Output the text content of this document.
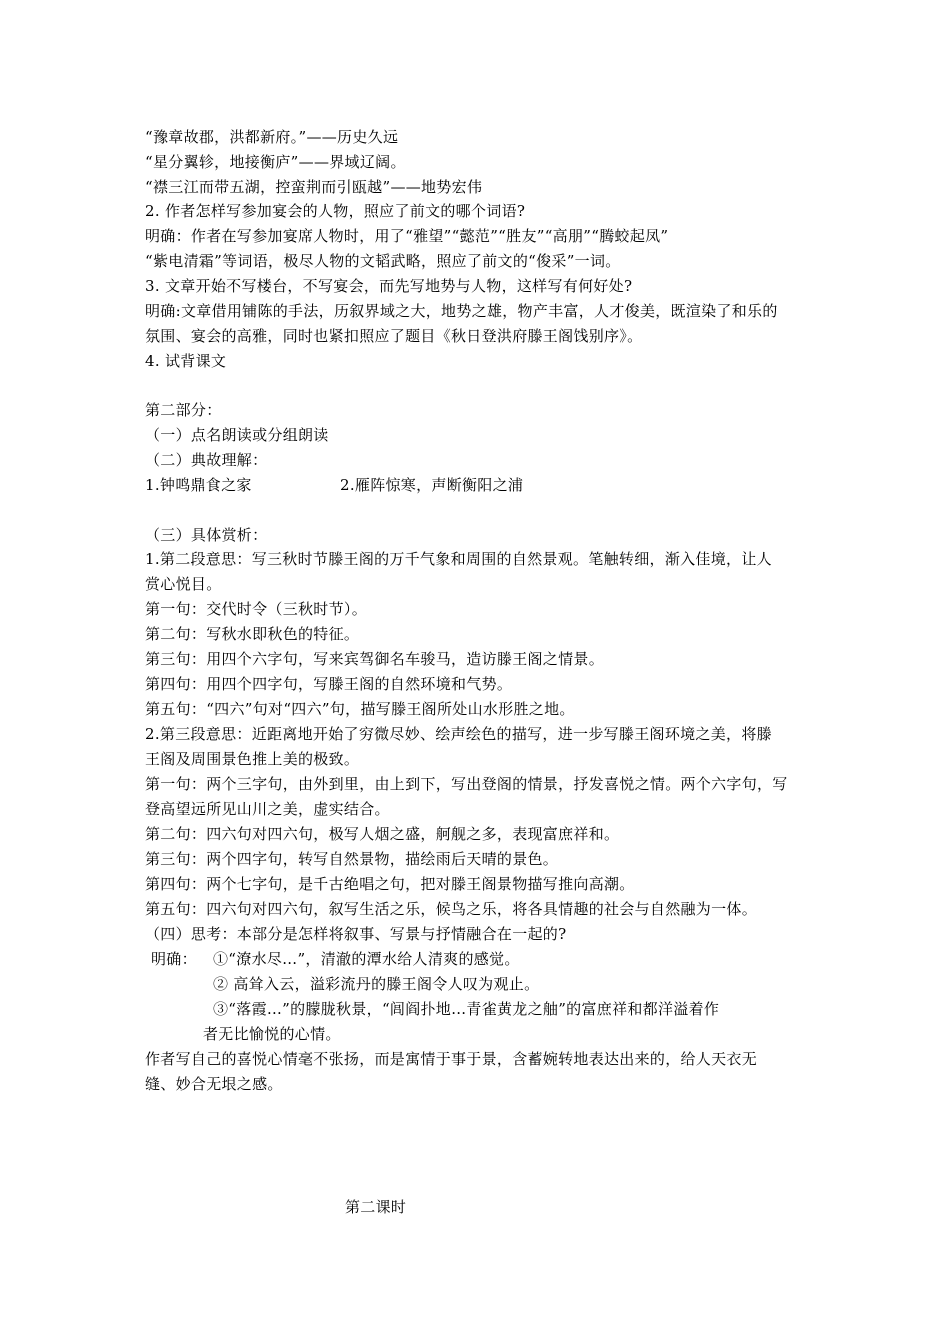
“豫章故郡，洪都新府。”——历史久远
“星分翼轸，地接衡庐”——界域辽阔。
“襟三江而带五湖，控蛮荆而引瓯越”——地势宏伟
2. 作者怎样写参加宴会的人物，照应了前文的哪个词语?
明确：作者在写参加宴席人物时，用了“雅望”“懿范”“胜友”“高朋”“腾蛟起凤”
“紫电清霜”等词语，极尽人物的文韬武略，照应了前文的“俊采”一词。
3. 文章开始不写楼台，不写宴会，而先写地势与人物，这样写有何好处?
明确:文章借用铺陈的手法，历叙界域之大，地势之雄，物产丰富，人才俊美，既渲染了和乐的
氛围、宴会的高雅，同时也紧扣照应了题目《秋日登洪府滕王阁饯别序》。
4. 试背课文
第二部分：
（一）点名朗读或分组朗读
（二）典故理解：
1.钟鸣鼎食之家	2.雁阵惊寒，声断衡阳之浦
（三）具体赏析：
1.第二段意思：写三秋时节滕王阁的万千气象和周围的自然景观。笔触转细，渐入佳境，让人
赏心悦目。
第一句：交代时令（三秋时节）。
第二句：写秋水即秋色的特征。
第三句：用四个六字句，写来宾驾御名车骏马，造访滕王阁之情景。
第四句：用四个四字句，写滕王阁的自然环境和气势。
第五句：“四六”句对“四六”句，描写滕王阁所处山水形胜之地。
2.第三段意思：近距离地开始了穷微尽妙、绘声绘色的描写，进一步写滕王阁环境之美，将滕
王阁及周围景色推上美的极致。
第一句：两个三字句，由外到里，由上到下，写出登阁的情景，抒发喜悦之情。两个六字句，写
登高望远所见山川之美，虚实结合。
第二句：四六句对四六句，极写人烟之盛，舸舰之多，表现富庶祥和。
第三句：两个四字句，转写自然景物，描绘雨后天晴的景色。
第四句：两个七字句，是千古绝唱之句，把对滕王阁景物描写推向高潮。
第五句：四六句对四六句，叙写生活之乐，候鸟之乐，将各具情趣的社会与自然融为一体。
（四）思考：本部分是怎样将叙事、写景与抒情融合在一起的?
明确： ①“潦水尽…”，清澈的潭水给人清爽的感觉。
② 高耸入云，溢彩流丹的滕王阁令人叹为观止。
③“落霞…”的朦胧秋景，“闾阎扑地…青雀黄龙之舳”的富庶祥和都洋溢着作
者无比愉悦的心情。
作者写自己的喜悦心情毫不张扬，而是寓情于事于景，含蓄婉转地表达出来的，给人天衣无
缝、妙合无垠之感。
第二课时
